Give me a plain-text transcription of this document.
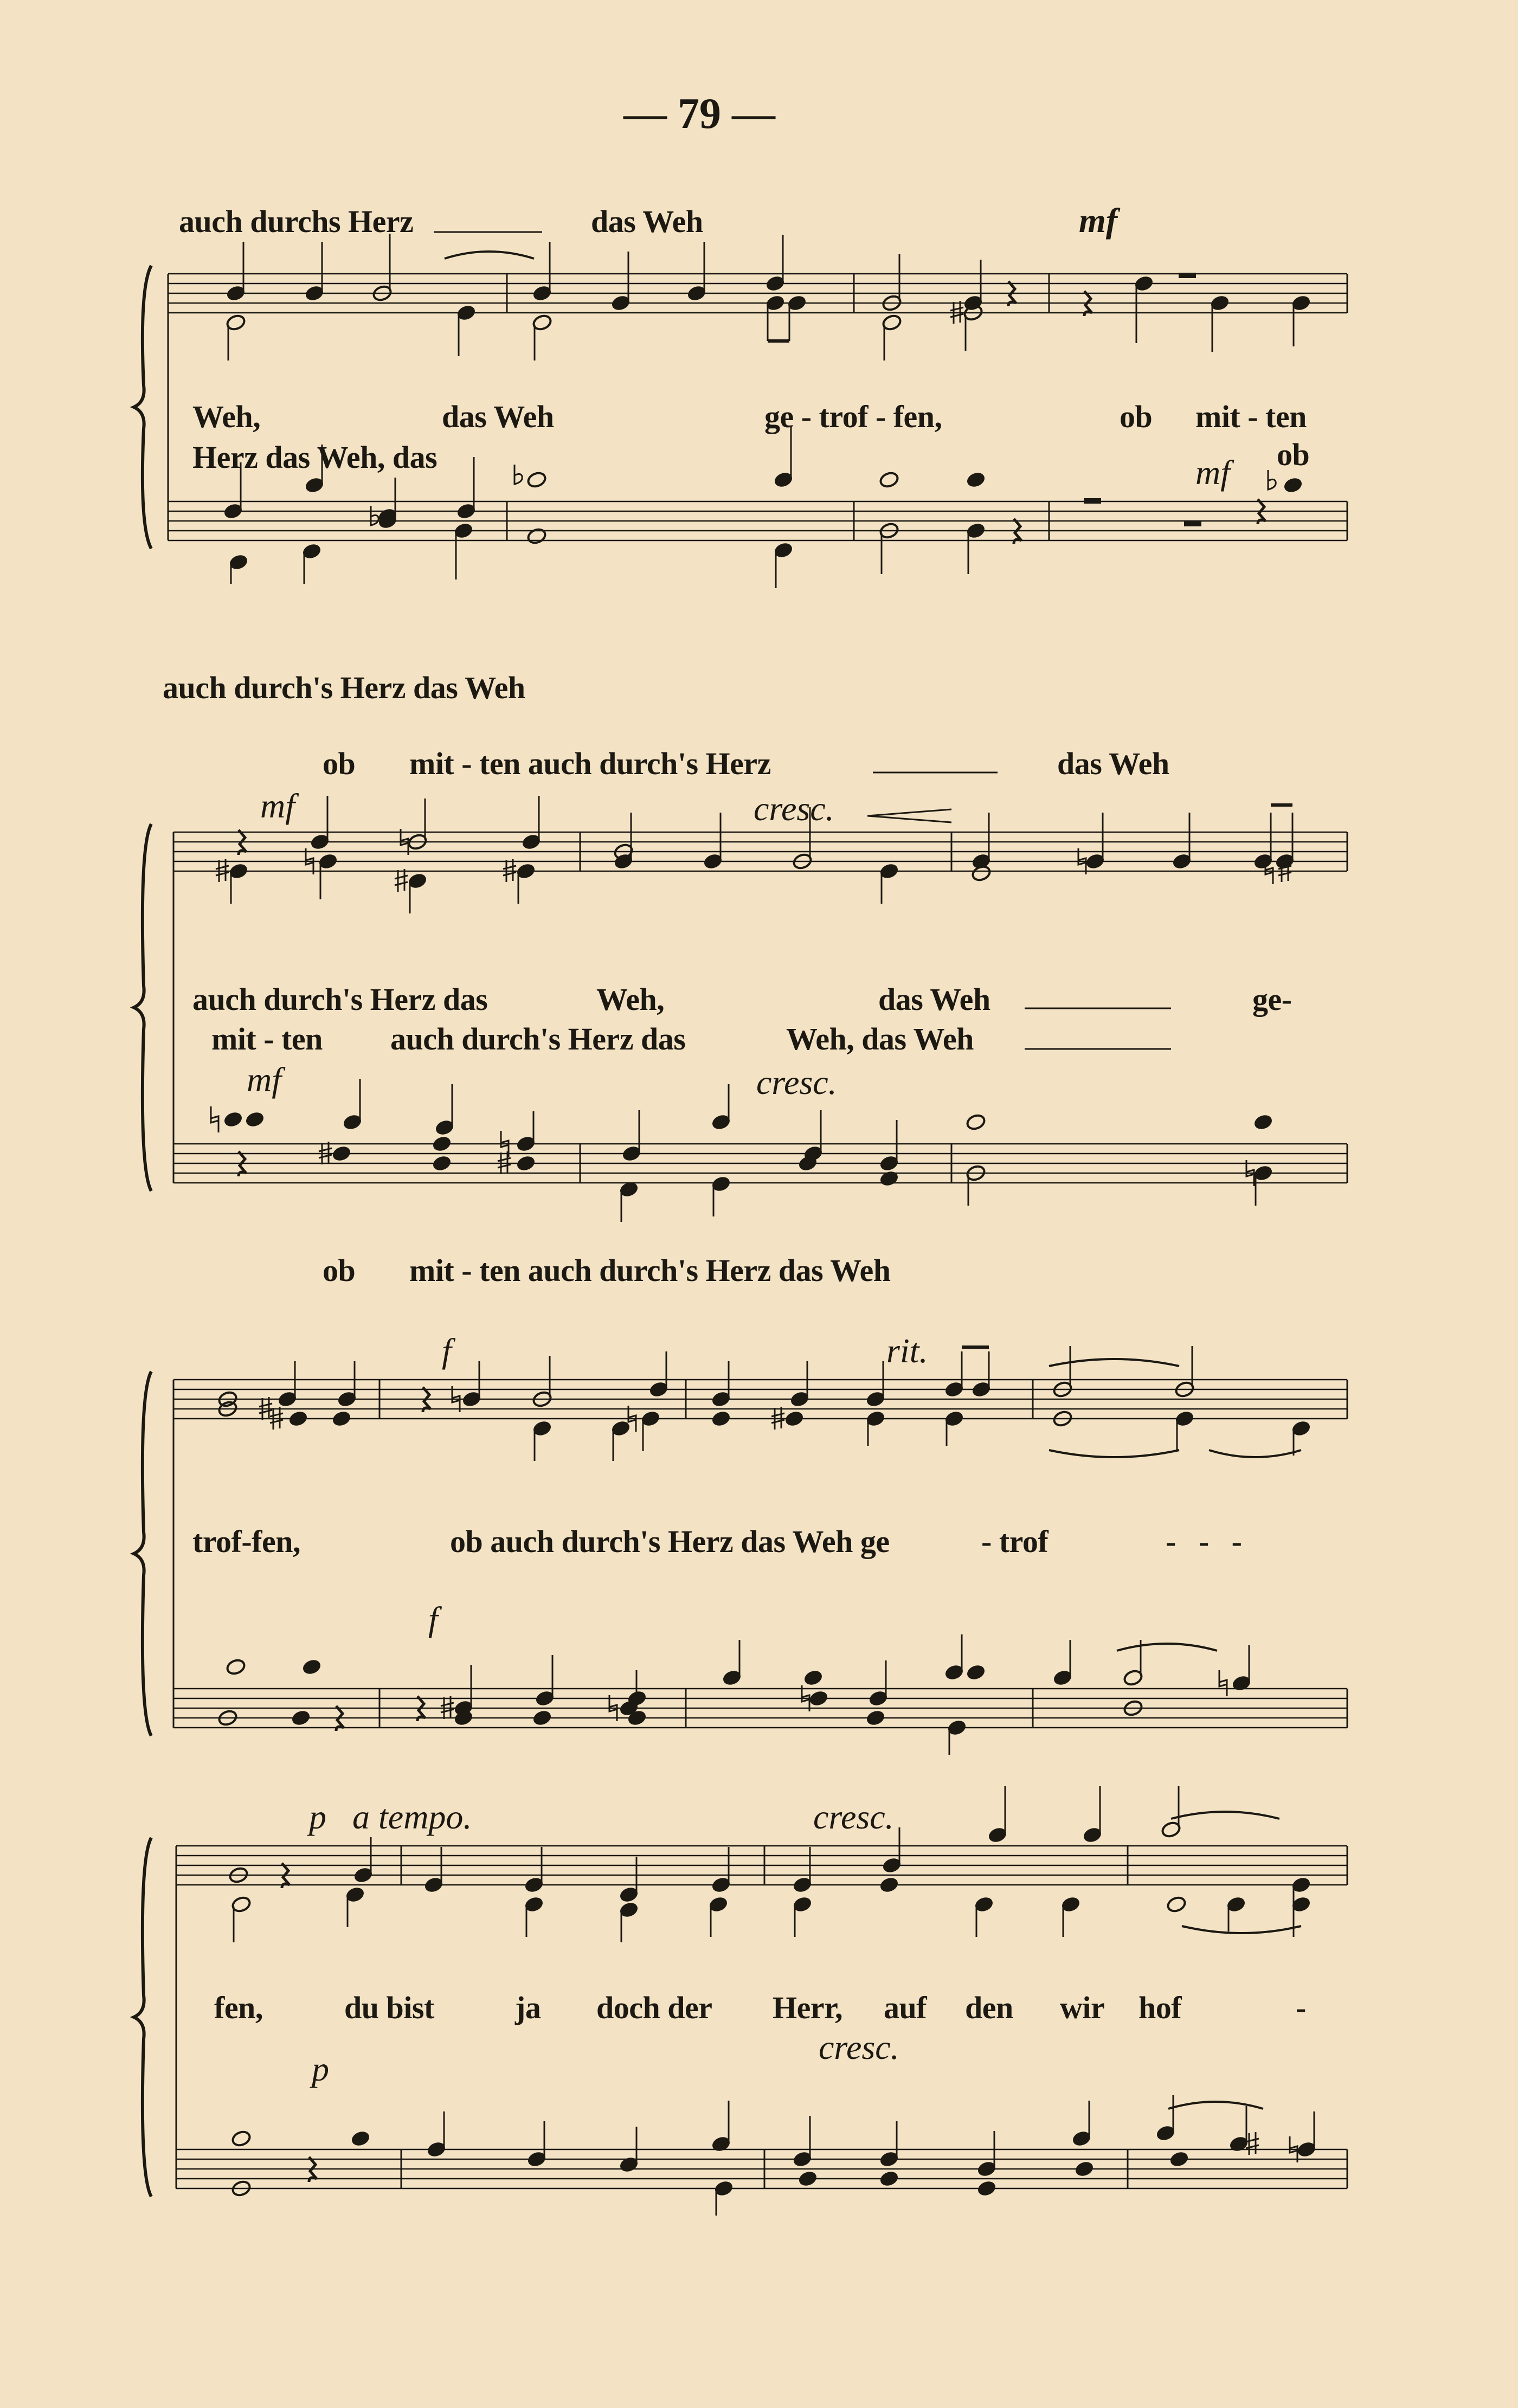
— 79 —
auch durchs Herz	das Weh	mf
Weh,	das Weh	ge - trof - fen,	ob mit - ten
Herz das Weh, das	mf ob
auch durch's Herz das Weh
ob mit - ten auch durch's Herz	das Weh
mf	cresc.
auch durch's Herz das	Weh,	das Weh	ge-
mit - ten auch durch's Herz das	Weh, das Weh
mf	cresc.
ob mit - ten auch durch's Herz das Weh
f	rit.
trof-fen,	ob auch durch's Herz das Weh ge	- trof	-   -   -
f
p a tempo.	cresc.
fen,	du bist	ja doch der Herr, auf den wir hof	-
p
cresc.
